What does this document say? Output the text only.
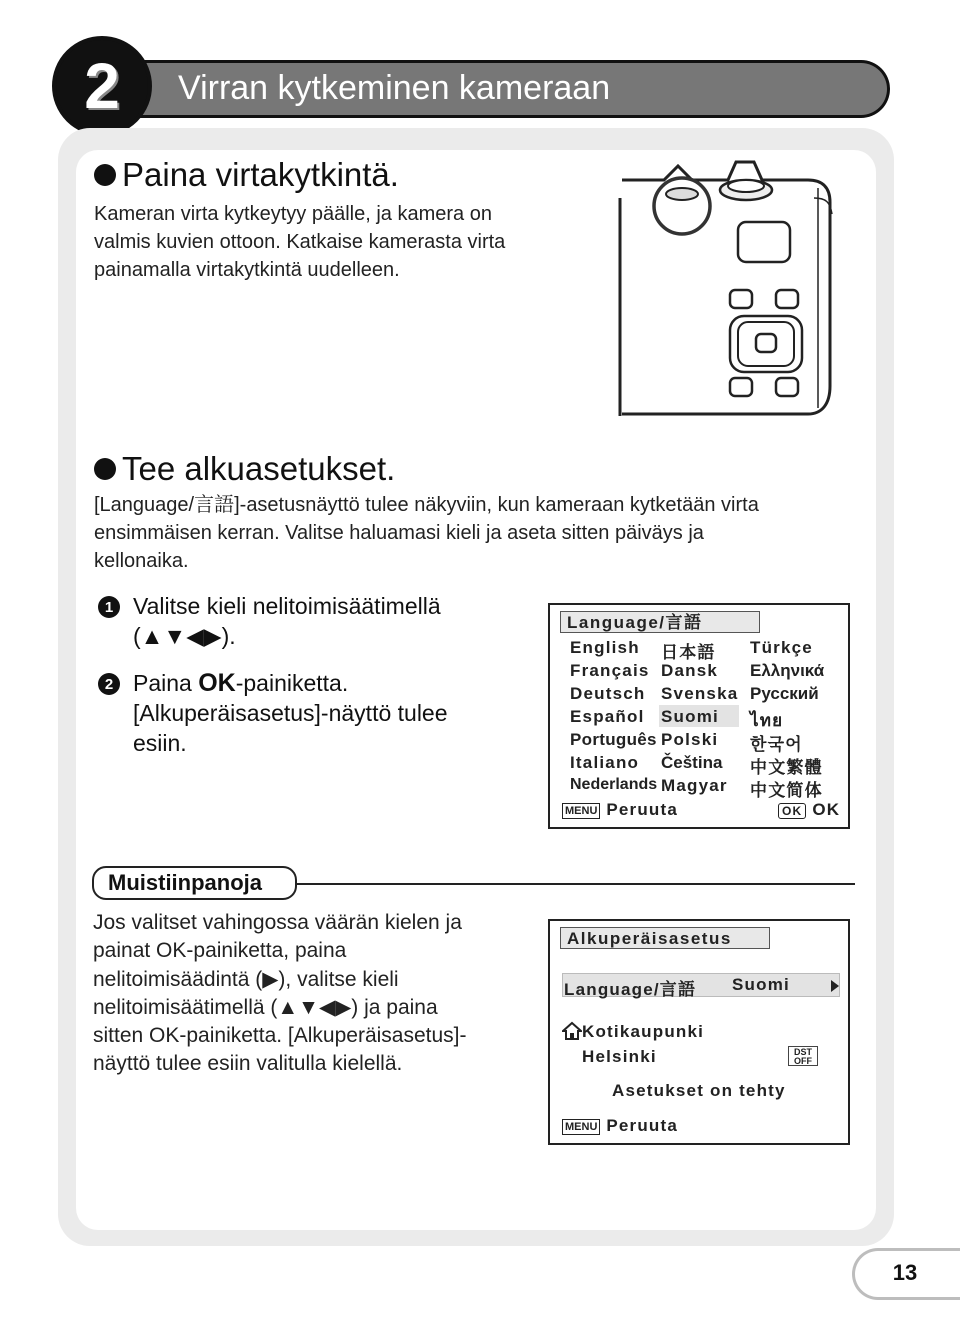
Virran kytkeminen kameraan
2
Paina virtakytkintä.
Kameran virta kytkeytyy päälle, ja kamera on
valmis kuvien ottoon. Katkaise kamerasta virta
painamalla virtakytkintä uudelleen.
Tee alkuasetukset.
[Language/言語]-asetusnäyttö tulee näkyviin, kun kameraan kytketään virta
ensimmäisen kerran. Valitse haluamasi kieli ja aseta sitten päiväys ja
kellonaika.
1 Valitse kieli nelitoimisäätimellä
(▲▼◀▶).
2 Paina OK-painiketta.
[Alkuperäisasetus]-näyttö tulee
esiin.
Language/言語
English
Français
Deutsch
Español
Português
Italiano
Nederlands
日本語
Dansk
Svenska
Suomi
Polski
Čeština
Magyar
Türkçe
Ελληνικά
Русский
ไทย
한국어
中文繁體
中文简体
MENU Peruuta	OK OK
Muistiinpanoja
Jos valitset vahingossa väärän kielen ja
painat OK-painiketta, paina
nelitoimisäädintä (▶), valitse kieli
nelitoimisäätimellä (▲▼◀▶) ja paina
sitten OK-painiketta. [Alkuperäisasetus]-
näyttö tulee esiin valitulla kielellä.
Alkuperäisasetus
Language/言語 Suomi
Kotikaupunki
Helsinki	DST OFF
Asetukset on tehty
MENU Peruuta
13
